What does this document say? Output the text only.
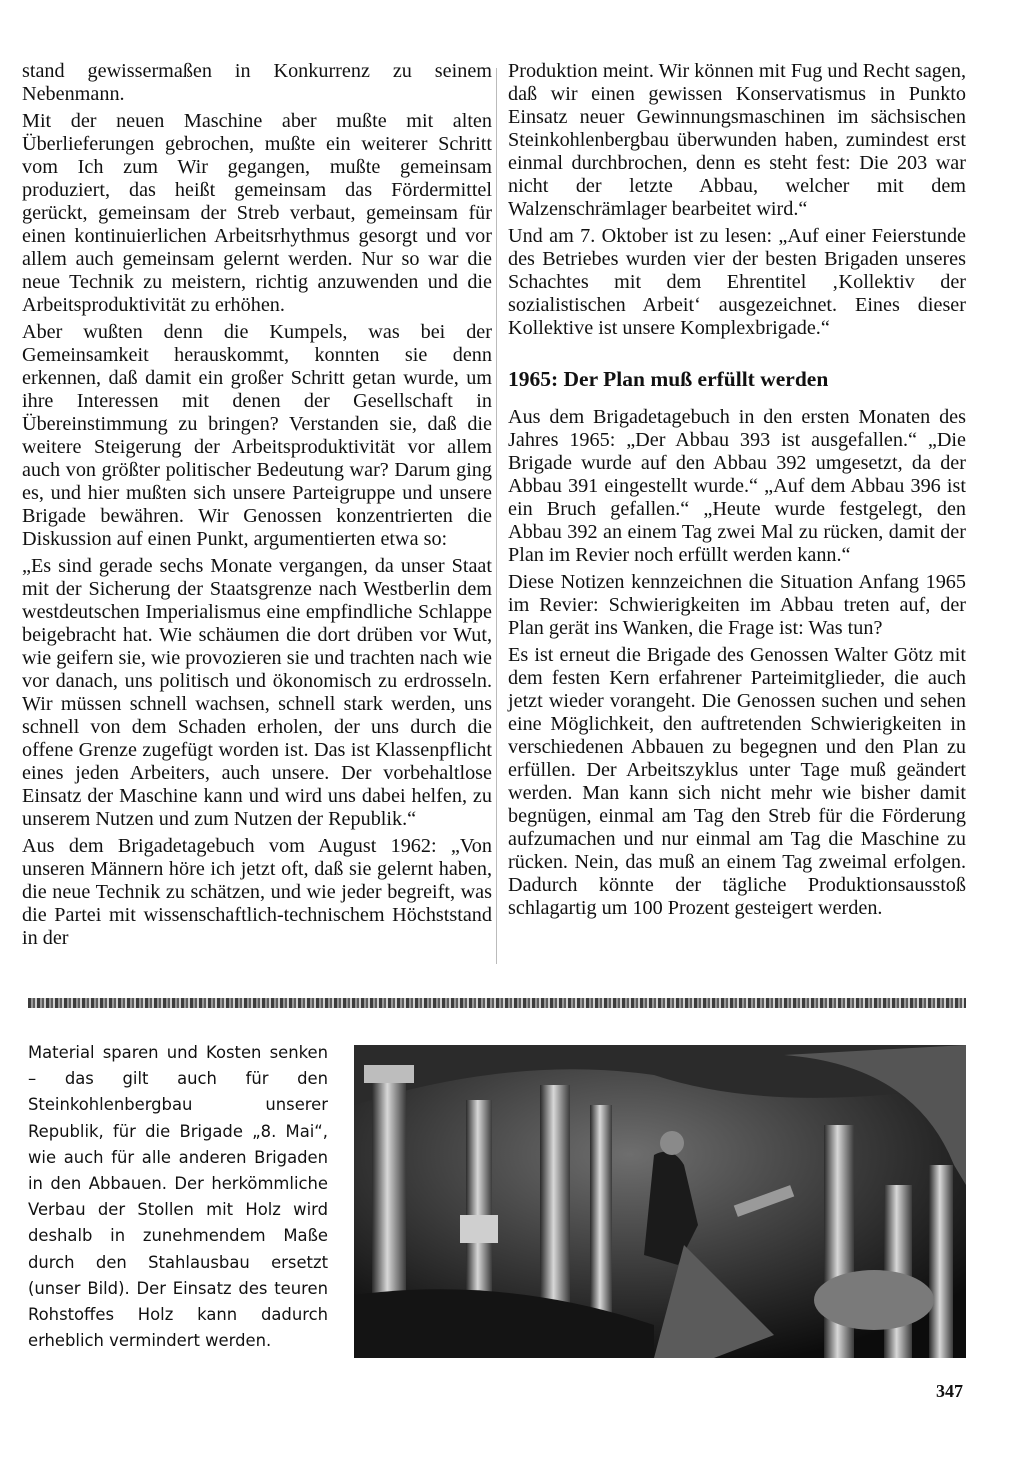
stand gewissermaßen in Konkurrenz zu seinem Nebenmann.

Mit der neuen Maschine aber mußte mit alten Überlieferungen gebrochen, mußte ein weiterer Schritt vom Ich zum Wir gegangen, mußte gemeinsam produziert, das heißt gemeinsam das Fördermittel gerückt, gemeinsam der Streb verbaut, gemeinsam für einen kontinuierlichen Arbeitsrhythmus gesorgt und vor allem auch gemeinsam gelernt werden. Nur so war die neue Technik zu meistern, richtig anzuwenden und die Arbeitsproduktivität zu erhöhen.

Aber wußten denn die Kumpels, was bei der Gemeinsamkeit herauskommt, konnten sie denn erkennen, daß damit ein großer Schritt getan wurde, um ihre Interessen mit denen der Gesellschaft in Übereinstimmung zu bringen? Verstanden sie, daß die weitere Steigerung der Arbeitsproduktivität vor allem auch von größter politischer Bedeutung war? Darum ging es, und hier mußten sich unsere Parteigruppe und unsere Brigade bewähren. Wir Genossen konzentrierten die Diskussion auf einen Punkt, argumentierten etwa so:

„Es sind gerade sechs Monate vergangen, da unser Staat mit der Sicherung der Staatsgrenze nach Westberlin dem westdeutschen Imperialismus eine empfindliche Schlappe beigebracht hat. Wie schäumen die dort drüben vor Wut, wie geifern sie, wie provozieren sie und trachten nach wie vor danach, uns politisch und ökonomisch zu erdrosseln. Wir müssen schnell wachsen, schnell stark werden, uns schnell von dem Schaden erholen, der uns durch die offene Grenze zugefügt worden ist. Das ist Klassenpflicht eines jeden Arbeiters, auch unsere. Der vorbehaltlose Einsatz der Maschine kann und wird uns dabei helfen, zu unserem Nutzen und zum Nutzen der Republik.“

Aus dem Brigadetagebuch vom August 1962: „Von unseren Männern höre ich jetzt oft, daß sie gelernt haben, die neue Technik zu schätzen, und wie jeder begreift, was die Partei mit wissenschaftlich-technischem Höchststand in der

Produktion meint. Wir können mit Fug und Recht sagen, daß wir einen gewissen Konservatismus in Punkto Einsatz neuer Gewinnungsmaschinen im sächsischen Steinkohlenbergbau überwunden haben, zumindest erst einmal durchbrochen, denn es steht fest: Die 203 war nicht der letzte Abbau, welcher mit dem Walzenschrämlager bearbeitet wird.“

Und am 7. Oktober ist zu lesen: „Auf einer Feierstunde des Betriebes wurden vier der besten Brigaden unseres Schachtes mit dem Ehrentitel ‚Kollektiv der sozialistischen Arbeit‘ ausgezeichnet. Eines dieser Kollektive ist unsere Komplexbrigade.“

1965: Der Plan muß erfüllt werden

Aus dem Brigadetagebuch in den ersten Monaten des Jahres 1965: „Der Abbau 393 ist ausgefallen.“ „Die Brigade wurde auf den Abbau 392 umgesetzt, da der Abbau 391 eingestellt wurde.“ „Auf dem Abbau 396 ist ein Bruch gefallen.“ „Heute wurde festgelegt, den Abbau 392 an einem Tag zwei Mal zu rücken, damit der Plan im Revier noch erfüllt werden kann.“

Diese Notizen kennzeichnen die Situation Anfang 1965 im Revier: Schwierigkeiten im Abbau treten auf, der Plan gerät ins Wanken, die Frage ist: Was tun?

Es ist erneut die Brigade des Genossen Walter Götz mit dem festen Kern erfahrener Parteimitglieder, die auch jetzt wieder vorangeht. Die Genossen suchen und sehen eine Möglichkeit, den auftretenden Schwierigkeiten in verschiedenen Abbauen zu begegnen und den Plan zu erfüllen. Der Arbeitszyklus unter Tage muß geändert werden. Man kann sich nicht mehr wie bisher damit begnügen, einmal am Tag den Streb für die Förderung aufzumachen und nur einmal am Tag die Maschine zu rücken. Nein, das muß an einem Tag zweimal erfolgen. Dadurch könnte der tägliche Produktionsausstoß schlagartig um 100 Prozent gesteigert werden.

Material sparen und Kosten senken – das gilt auch für den Steinkohlenbergbau unserer Republik, für die Brigade „8. Mai“, wie auch für alle anderen Brigaden in den Abbauen. Der herkömmliche Verbau der Stollen mit Holz wird deshalb in zunehmendem Maße durch den Stahlausbau ersetzt (unser Bild). Der Einsatz des teuren Rohstoffes Holz kann dadurch erheblich vermindert werden.

347
